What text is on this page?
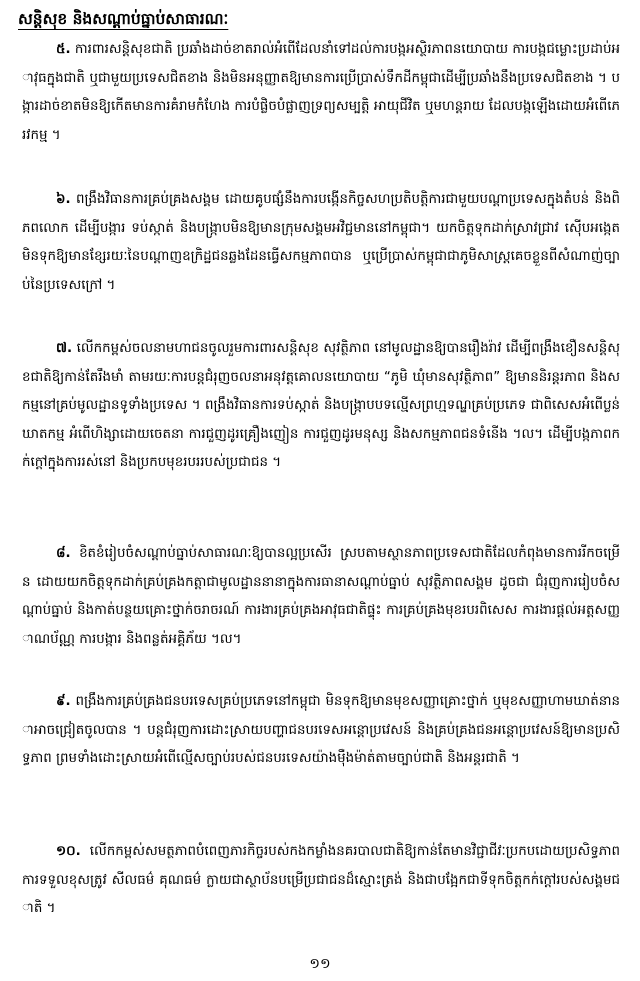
សន្តិសុខ និងសណ្តាប់ធ្នាប់សាធារណៈ

៥. ការពារសន្តិសុខជាតិ ប្រឆាំងដាច់ខាតរាល់អំពើដែលនាំទៅដល់ការបង្កអស្ថិរភាពនយោបាយ ការបង្កជម្លោះប្រដាប់អាវុធក្នុងជាតិ ឬជាមួយប្រទេសជិតខាង និងមិនអនុញ្ញាតឱ្យមានការប្រើប្រាស់ទឹកដីកម្ពុជាដើម្បីប្រឆាំងនឹងប្រទេសជិតខាង ។ បង្ការដាច់ខាតមិនឱ្យកើតមានការគំរាមកំហែង ការបំផ្លិចបំផ្លាញទ្រព្យសម្បត្តិ អាយុជីវិត ឬមហន្តរាយ ដែលបង្កឡើងដោយអំពើភេរវកម្ម ។

៦. ពង្រឹងវិធានការគ្រប់គ្រងសង្គម ដោយគូបផ្សំនឹងការបង្កើនកិច្ចសហប្រតិបត្តិការជាមួយបណ្តាប្រទេសក្នុងតំបន់ និងពិភពលោក ដើម្បីបង្ការ ទប់ស្កាត់ និងបង្ក្រាបមិនឱ្យមានក្រុមសង្គមអវិជ្ជមាននៅកម្ពុជា។ យកចិត្តទុកដាក់ស្រាវជ្រាវ ស៊ើបអង្កេត មិនទុកឱ្យមានខ្សែរយៈនៃបណ្តាញឧក្រិដ្ឋជនឆ្លងដែនធ្វើសកម្មភាពបាន ឬប្រើប្រាស់កម្ពុជាជាភូមិសាស្ត្រគេចខ្លួនពីសំណាញ់ច្បាប់នៃប្រទេសក្រៅ ។

៧. លើកកម្ពស់ចលនាមហាជនចូលរួមការពារសន្តិសុខ សុវត្ថិភាព នៅមូលដ្ឋានឱ្យបានរឿងរ៉ាវ ដើម្បីពង្រឹងខឿនសន្តិសុខជាតិឱ្យកាន់តែរឹងមាំ តាមរយៈការបន្តជំរុញចលនាអនុវត្តគោលនយោបាយ “ភូមិ ឃុំមានសុវត្ថិភាព” ឱ្យមាននិរន្តរភាព និងសកម្មនៅគ្រប់មូលដ្ឋានទូទាំងប្រទេស ។ ពង្រឹងវិធានការទប់ស្កាត់ និងបង្ក្រាបបទល្មើសព្រហ្មទណ្ឌគ្រប់ប្រភេទ ជាពិសេសអំពើប្លន់ ឃាតកម្ម អំពើហិង្សាដោយចេតនា ការជួញដូរគ្រឿងញៀន ការជួញដូរមនុស្ស និងសកម្មភាពជនទំនើង ។ល។ ដើម្បីបង្កភាពកក់ក្តៅក្នុងការរស់នៅ និងប្រកបមុខរបររបស់ប្រជាជន ។

៨. ខិតខំរៀបចំសណ្តាប់ធ្នាប់សាធារណៈឱ្យបានល្អប្រសើរ ស្របតាមស្ថានភាពប្រទេសជាតិដែលកំពុងមានការរីកចម្រើន ដោយយកចិត្តទុកដាក់គ្រប់គ្រងកត្តាជាមូលដ្ឋាននានាក្នុងការធានាសណ្តាប់ធ្នាប់ សុវត្ថិភាពសង្គម ដូចជា ជំរុញការរៀបចំសណ្តាប់ធ្នាប់ និងកាត់បន្ថយគ្រោះថ្នាក់ចរាចរណ៍ ការងារគ្រប់គ្រងអាវុធជាតិផ្ទុះ ការគ្រប់គ្រងមុខរបរពិសេស ការងារផ្តល់អត្តសញ្ញាណប័ណ្ណ ការបង្ការ និងពន្លត់អគ្គិភ័យ ។ល។

៩. ពង្រឹងការគ្រប់គ្រងជនបរទេសគ្រប់ប្រភេទនៅកម្ពុជា មិនទុកឱ្យមានមុខសញ្ញាគ្រោះថ្នាក់ ឬមុខសញ្ញាហាមឃាត់នានាអាចជ្រៀតចូលបាន ។ បន្តជំរុញការដោះស្រាយបញ្ហាជនបរទេសអន្តោប្រវេសន៍ និងគ្រប់គ្រងជនអន្តោប្រវេសន៍ឱ្យមានប្រសិទ្ធភាព ព្រមទាំងដោះស្រាយអំពើល្មើសច្បាប់របស់ជនបរទេសយ៉ាងម៉ឺងម៉ាត់តាមច្បាប់ជាតិ និងអន្តរជាតិ ។

១០. លើកកម្ពស់សមត្ថភាពបំពេញភារកិច្ចរបស់កងកម្លាំងនគរបាលជាតិឱ្យកាន់តែមានវិជ្ជាជីវៈប្រកបដោយប្រសិទ្ធភាព ការទទួលខុសត្រូវ សីលធម៌ គុណធម៌ ក្លាយជាស្ថាប័នបម្រើប្រជាជនដ៏ស្មោះត្រង់ និងជាបង្អែកជាទីទុកចិត្តកក់ក្តៅរបស់សង្គមជាតិ ។

១១
